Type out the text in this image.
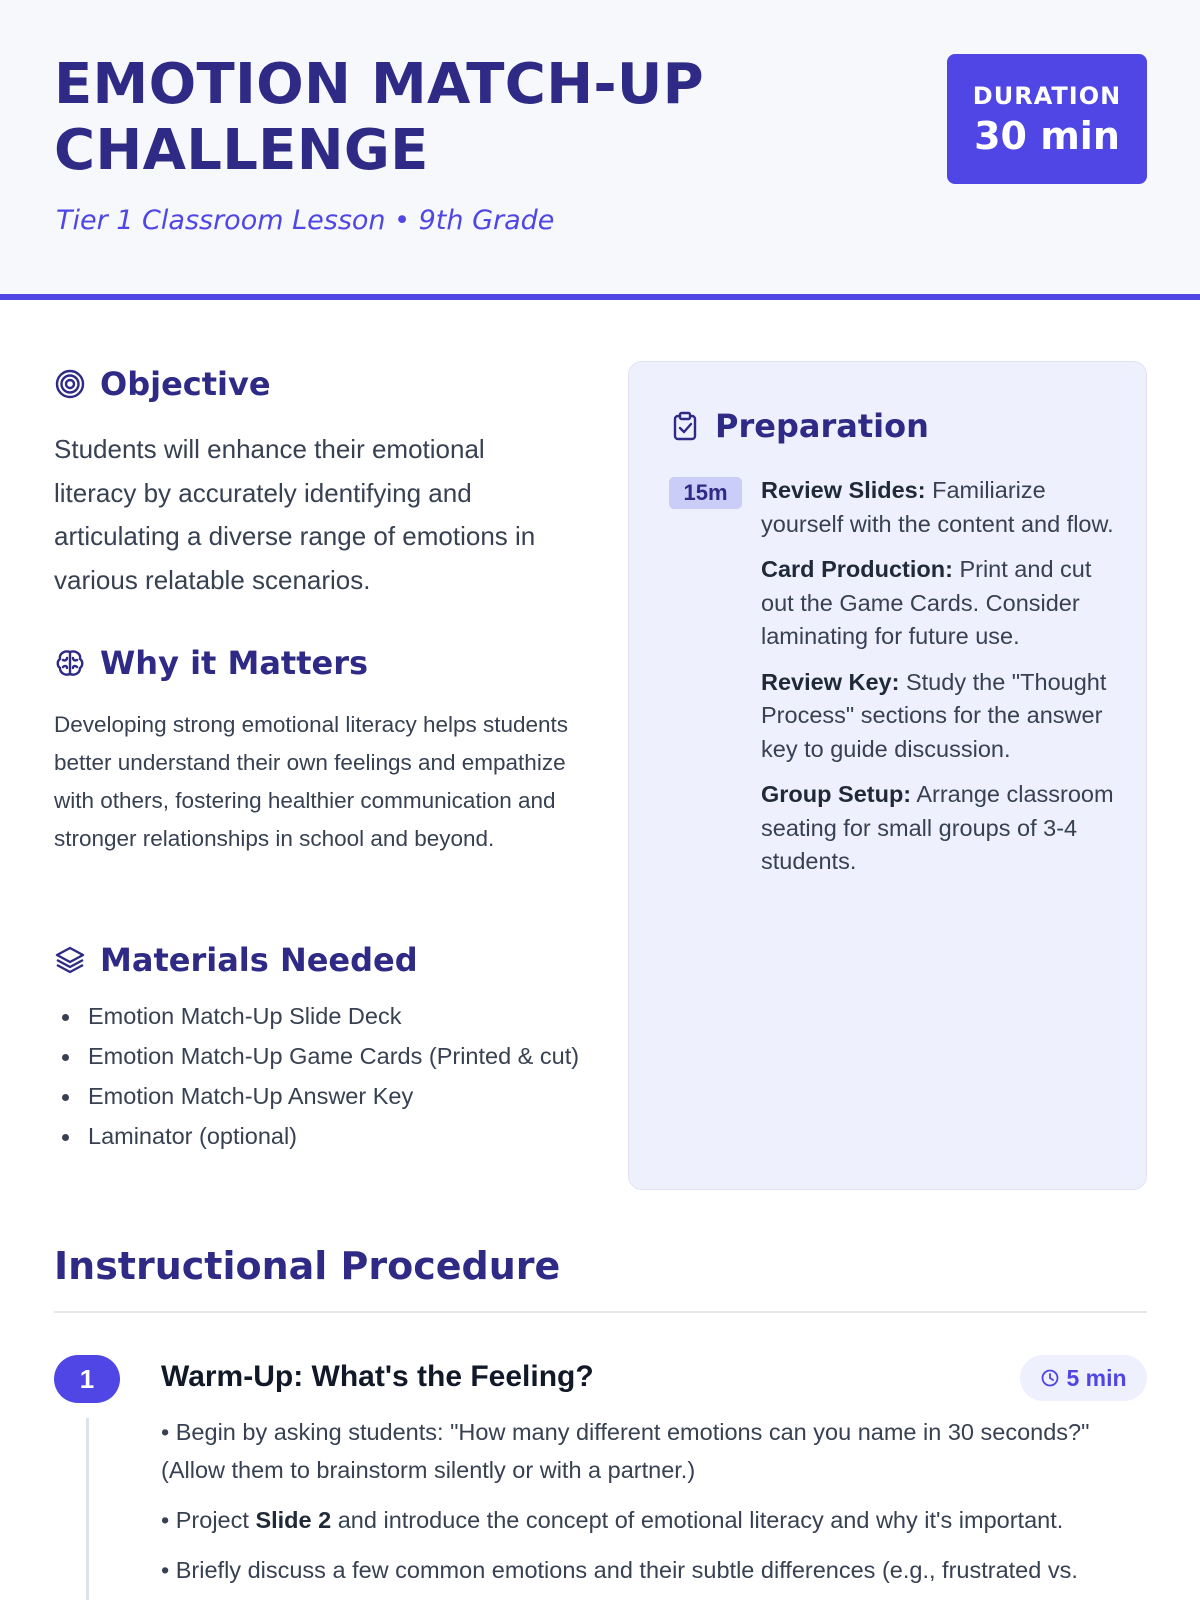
EMOTION MATCH-UP
CHALLENGE
Tier 1 Classroom Lesson • 9th Grade
DURATION
30 min
Objective
Students will enhance their emotional literacy by accurately identifying and articulating a diverse range of emotions in various relatable scenarios.
Why it Matters
Developing strong emotional literacy helps students better understand their own feelings and empathize with others, fostering healthier communication and stronger relationships in school and beyond.
Materials Needed
Emotion Match-Up Slide Deck
Emotion Match-Up Game Cards (Printed & cut)
Emotion Match-Up Answer Key
Laminator (optional)
Preparation
15m	Review Slides: Familiarize yourself with the content and flow.
Card Production: Print and cut out the Game Cards. Consider laminating for future use.
Review Key: Study the "Thought Process" sections for the answer key to guide discussion.
Group Setup: Arrange classroom seating for small groups of 3-4 students.
Instructional Procedure
1	Warm-Up: What's the Feeling?	5 min

• Begin by asking students: "How many different emotions can you name in 30 seconds?" (Allow them to brainstorm silently or with a partner.)

• Project Slide 2 and introduce the concept of emotional literacy and why it's important.

• Briefly discuss a few common emotions and their subtle differences (e.g., frustrated vs.
